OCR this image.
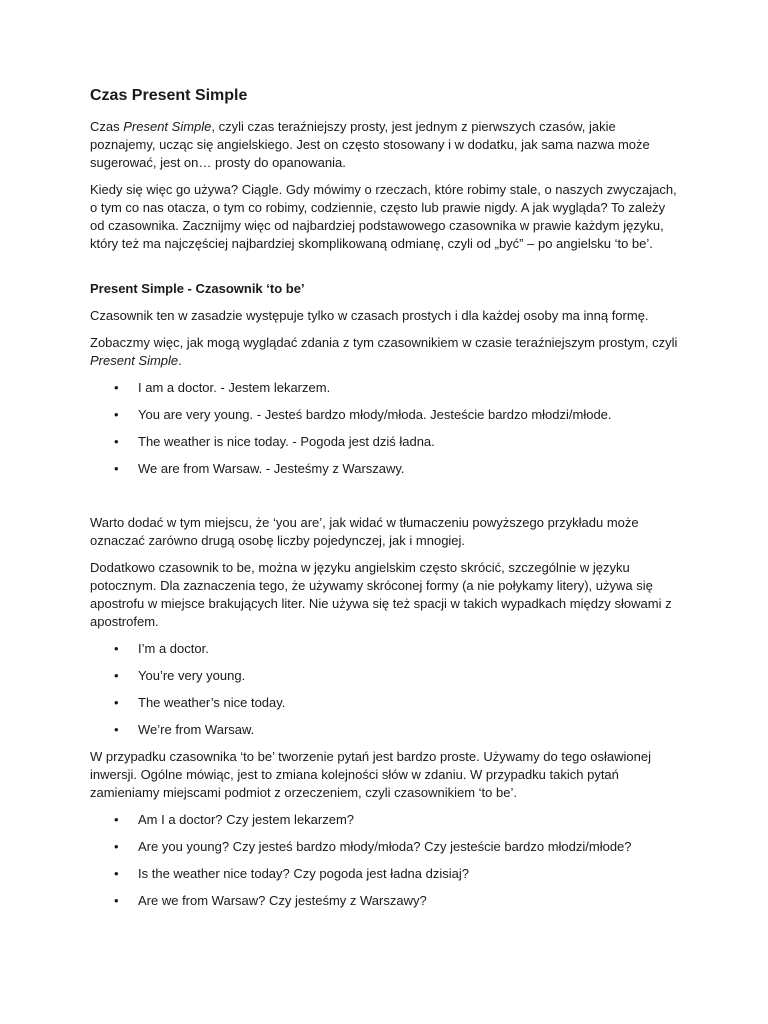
Czas Present Simple

Czas Present Simple, czyli czas teraźniejszy prosty, jest jednym z pierwszych czasów, jakie poznajemy, ucząc się angielskiego. Jest on często stosowany i w dodatku, jak sama nazwa może sugerować, jest on… prosty do opanowania.

Kiedy się więc go używa? Ciągle. Gdy mówimy o rzeczach, które robimy stale, o naszych zwyczajach, o tym co nas otacza, o tym co robimy, codziennie, często lub prawie nigdy. A jak wygląda? To zależy od czasownika. Zacznijmy więc od najbardziej podstawowego czasownika w prawie każdym języku, który też ma najczęściej najbardziej skomplikowaną odmianę, czyli od „być” – po angielsku ‘to be’.

Present Simple - Czasownik ‘to be’

Czasownik ten w zasadzie występuje tylko w czasach prostych i dla każdej osoby ma inną formę.

Zobaczmy więc, jak mogą wyglądać zdania z tym czasownikiem w czasie teraźniejszym prostym, czyli Present Simple.

• I am a doctor. - Jestem lekarzem.
• You are very young. - Jesteś bardzo młody/młoda. Jesteście bardzo młodzi/młode.
• The weather is nice today. - Pogoda jest dziś ładna.
• We are from Warsaw. - Jesteśmy z Warszawy.

Warto dodać w tym miejscu, że ‘you are’, jak widać w tłumaczeniu powyższego przykładu może oznaczać zarówno drugą osobę liczby pojedynczej, jak i mnogiej.

Dodatkowo czasownik to be, można w języku angielskim często skrócić, szczególnie w języku potocznym. Dla zaznaczenia tego, że używamy skróconej formy (a nie połykamy litery), używa się apostrofu w miejsce brakujących liter. Nie używa się też spacji w takich wypadkach między słowami z apostrofem.

• I’m a doctor.
• You’re very young.
• The weather’s nice today.
• We’re from Warsaw.

W przypadku czasownika ‘to be’ tworzenie pytań jest bardzo proste. Używamy do tego osławionej inwersji. Ogólne mówiąc, jest to zmiana kolejności słów w zdaniu. W przypadku takich pytań zamieniamy miejscami podmiot z orzeczeniem, czyli czasownikiem ‘to be’.

• Am I a doctor? Czy jestem lekarzem?
• Are you young? Czy jesteś bardzo młody/młoda? Czy jesteście bardzo młodzi/młode?
• Is the weather nice today? Czy pogoda jest ładna dzisiaj?
• Are we from Warsaw? Czy jesteśmy z Warszawy?
